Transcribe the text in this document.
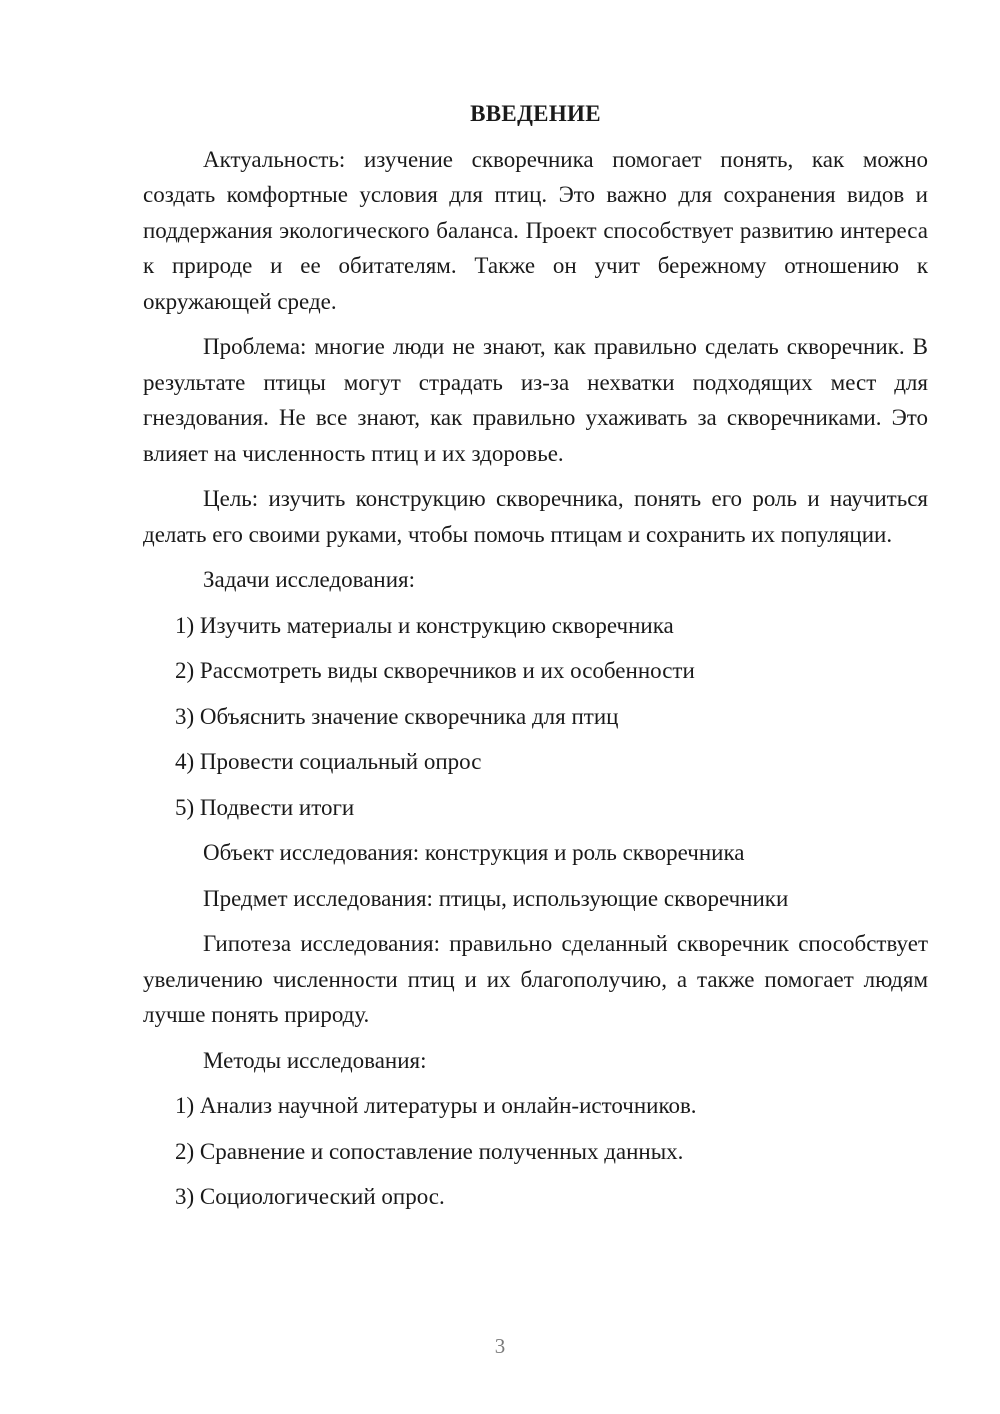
ВВЕДЕНИЕ

Актуальность: изучение скворечника помогает понять, как можно создать комфортные условия для птиц. Это важно для сохранения видов и поддержания экологического баланса. Проект способствует развитию интереса к природе и ее обитателям. Также он учит бережному отношению к окружающей среде.

Проблема: многие люди не знают, как правильно сделать скворечник. В результате птицы могут страдать из-за нехватки подходящих мест для гнездования. Не все знают, как правильно ухаживать за скворечниками. Это влияет на численность птиц и их здоровье.

Цель: изучить конструкцию скворечника, понять его роль и научиться делать его своими руками, чтобы помочь птицам и сохранить их популяции.

Задачи исследования:
1) Изучить материалы и конструкцию скворечника
2) Рассмотреть виды скворечников и их особенности
3) Объяснить значение скворечника для птиц
4) Провести социальный опрос
5) Подвести итоги
Объект исследования: конструкция и роль скворечника
Предмет исследования: птицы, использующие скворечники

Гипотеза исследования: правильно сделанный скворечник способствует увеличению численности птиц и их благополучию, а также помогает людям лучше понять природу.

Методы исследования:
1) Анализ научной литературы и онлайн-источников.
2) Сравнение и сопоставление полученных данных.
3) Социологический опрос.
3
